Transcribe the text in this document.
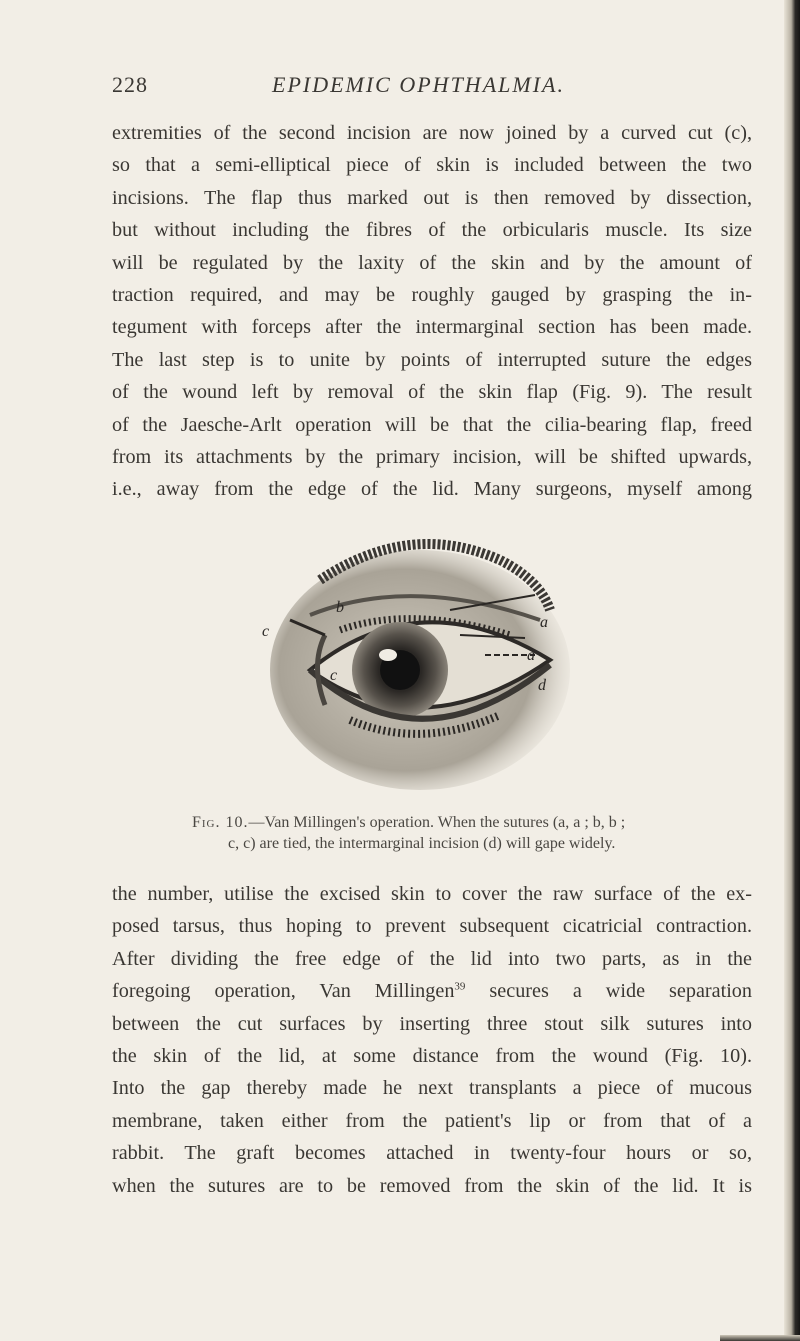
228	EPIDEMIC OPHTHALMIA.
extremities of the second incision are now joined by a curved cut (c),
so that a semi-elliptical piece of skin is included between the two
incisions. The flap thus marked out is then removed by dissection,
but without including the fibres of the orbicularis muscle. Its size
will be regulated by the laxity of the skin and by the amount of
traction required, and may be roughly gauged by grasping the in-
tegument with forceps after the intermarginal section has been made.
The last step is to unite by points of interrupted suture the edges
of the wound left by removal of the skin flap (Fig. 9). The result
of the Jaesche-Arlt operation will be that the cilia-bearing flap, freed
from its attachments by the primary incision, will be shifted upwards,
i.e., away from the edge of the lid. Many surgeons, myself among
b
c
c
a
a
d
Fig. 10.—Van Millingen's operation. When the sutures (a, a ; b, b ;
c, c) are tied, the intermarginal incision (d) will gape widely.
the number, utilise the excised skin to cover the raw surface of the ex-
posed tarsus, thus hoping to prevent subsequent cicatricial contraction.
After dividing the free edge of the lid into two parts, as in the
foregoing operation, Van Millingen$^{39}$ secures a wide separation
between the cut surfaces by inserting three stout silk sutures into
the skin of the lid, at some distance from the wound (Fig. 10).
Into the gap thereby made he next transplants a piece of mucous
membrane, taken either from the patient's lip or from that of a
rabbit. The graft becomes attached in twenty-four hours or so,
when the sutures are to be removed from the skin of the lid. It is
